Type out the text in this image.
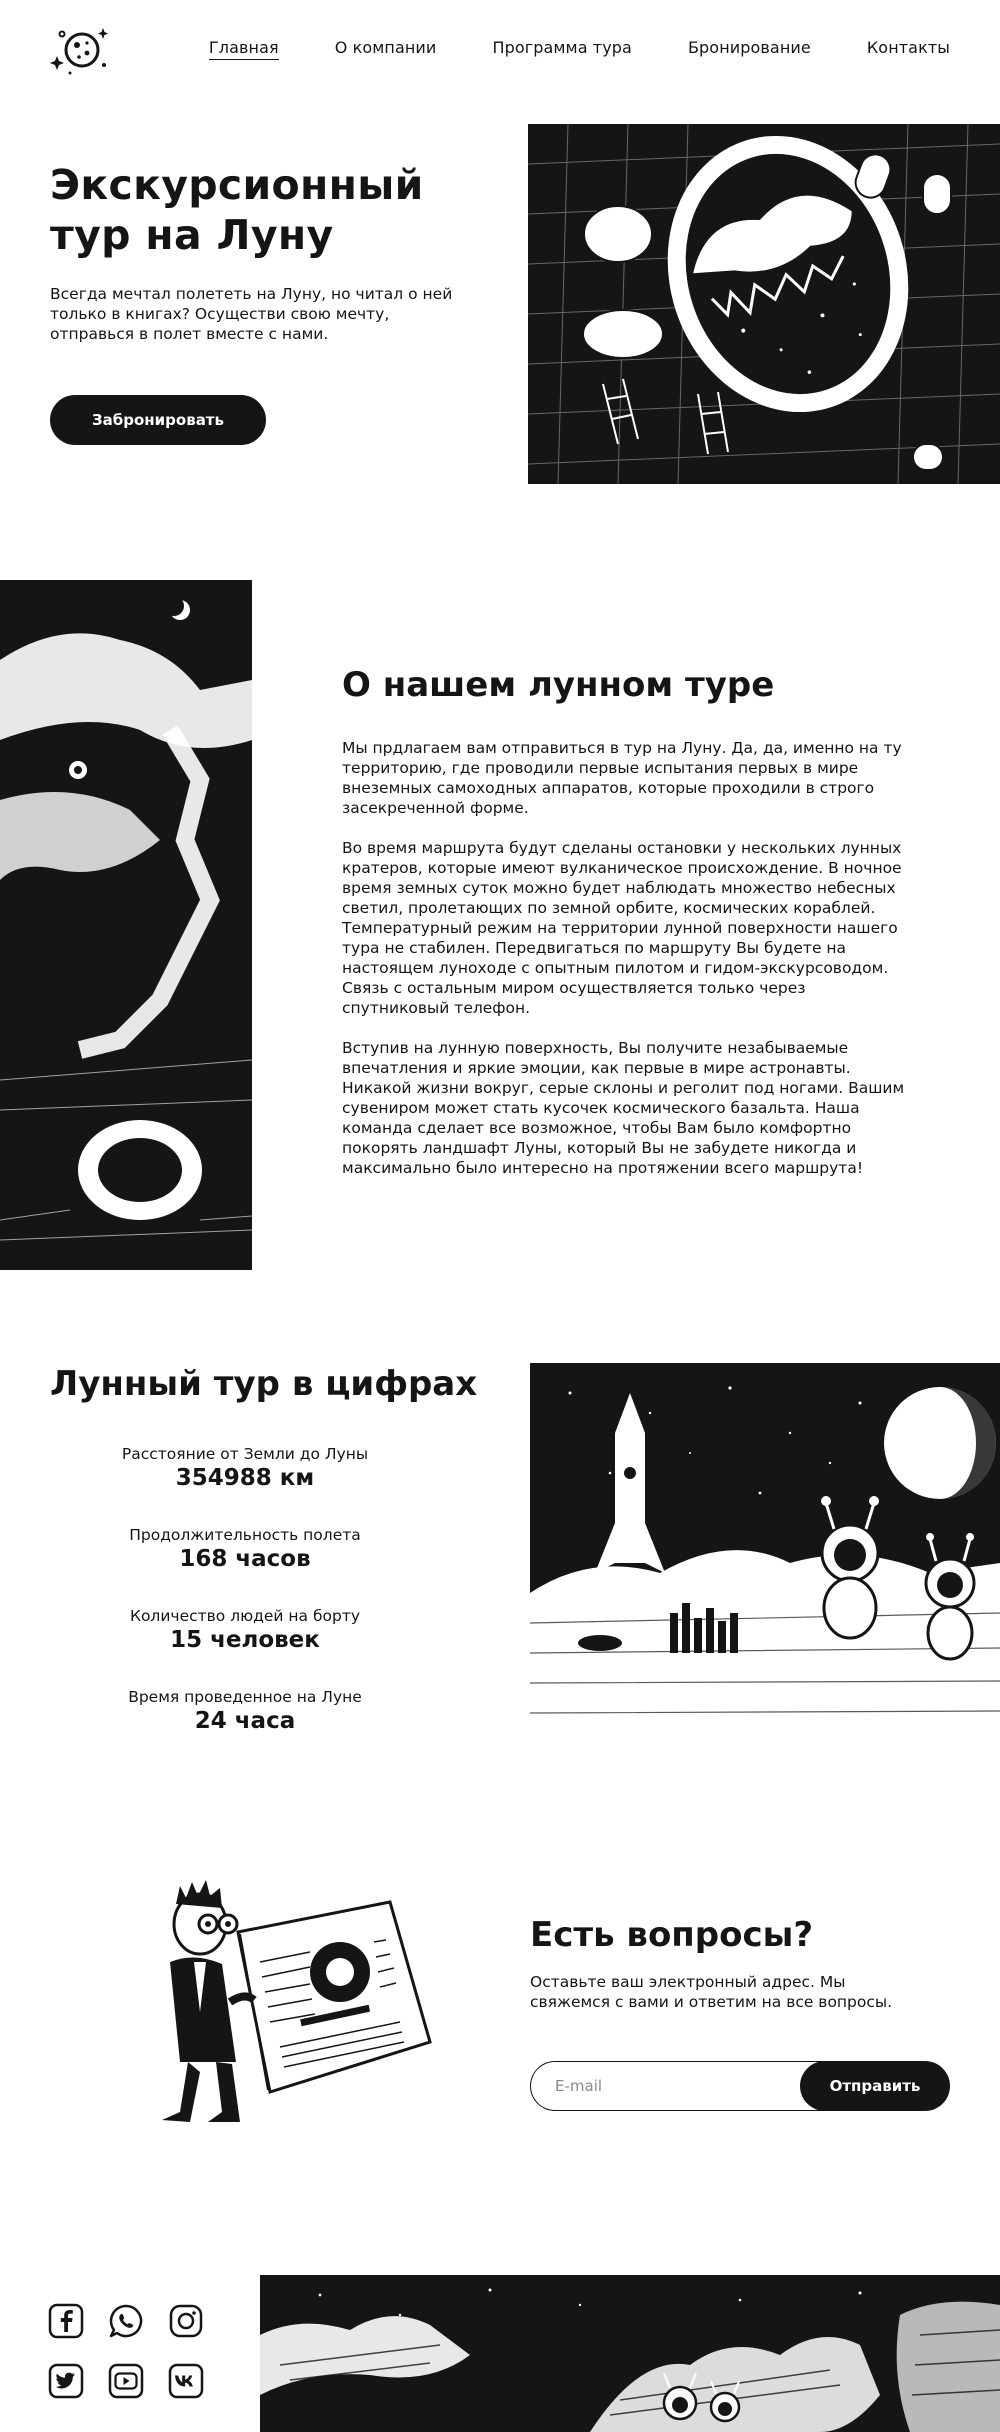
Главная	О компании	Программа тура	Бронирование	Контакты
Экскурсионный тур на Луну

Всегда мечтал полететь на Луну, но читал о ней только в книгах? Осуществи свою мечту, отправься в полет вместе с нами.

Забронировать
О нашем лунном туре

Мы прдлагаем вам отправиться в тур на Луну. Да, да, именно на ту территорию, где проводили первые испытания первых в мире внеземных самоходных аппаратов, которые проходили в строго засекреченной форме.

Во время маршрута будут сделаны остановки у нескольких лунных кратеров, которые имеют вулканическое происхождение. В ночное время земных суток можно будет наблюдать множество небесных светил, пролетающих по земной орбите, космических кораблей. Температурный режим на территории лунной поверхности нашего тура не стабилен. Передвигаться по маршруту Вы будете на настоящем луноходе с опытным пилотом и гидом-экскурсоводом. Связь с остальным миром осуществляется только через спутниковый телефон.

Вступив на лунную поверхность, Вы получите незабываемые впечатления и яркие эмоции, как первые в мире астронавты. Никакой жизни вокруг, серые склоны и реголит под ногами. Вашим сувениром может стать кусочек космического базальта. Наша команда сделает все возможное, чтобы Вам было комфортно покорять ландшафт Луны, который Вы не забудете никогда и максимально было интересно на протяжении всего маршрута!

Лунный тур в цифрах
Расстояние от Земли до Луны
354988 км
Продолжительность полета
168 часов
Количество людей на борту
15 человек
Время проведенное на Луне
24 часа
Есть вопросы?

Оставьте ваш электронный адрес. Мы свяжемся с вами и ответим на все вопросы.

E-mail
Отправить
